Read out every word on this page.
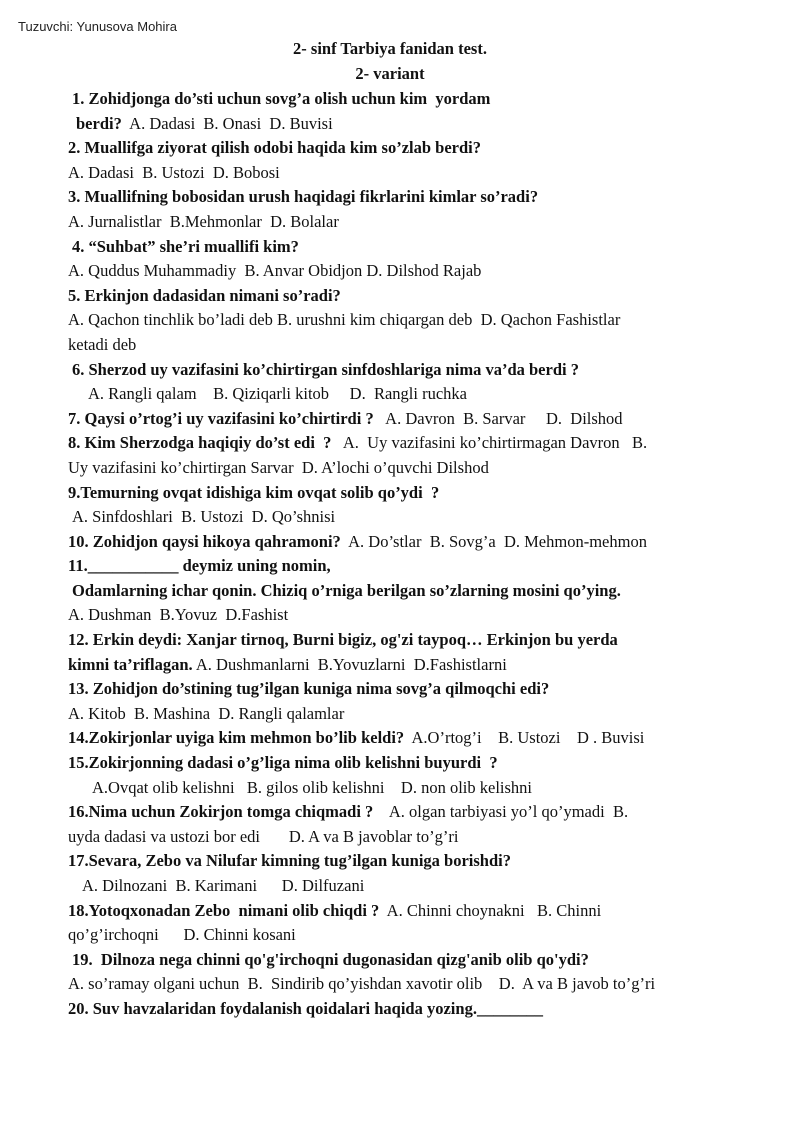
Tuzuvchi: Yunusova Mohira
2- sinf Tarbiya fanidan test.
2- variant
1. Zohidjonga do’sti uchun sovg’a olish uchun kim  yordam
berdi?  A. Dadasi  B. Onasi  D. Buvisi
2. Muallifga ziyorat qilish odobi haqida kim so’zlab berdi?
A. Dadasi  B. Ustozi  D. Bobosi
3. Muallifning bobosidan urush haqidagi fikrlarini kimlar so’radi?
A. Jurnalistlar  B.Mehmonlar  D. Bolalar
4. “Suhbat” she’ri muallifi kim?
A. Quddus Muhammadiy  B. Anvar Obidjon D. Dilshod Rajab
5. Erkinjon dadasidan nimani so’radi?
A. Qachon tinchlik bo’ladi deb B. urushni kim chiqargan deb  D. Qachon Fashistlar
ketadi deb
6. Sherzod uy vazifasini ko’chirtirgan sinfdoshlariga nima va’da berdi ?
A. Rangli qalam    B. Qiziqarli kitob     D.  Rangli ruchka
7. Qaysi o’rtog’i uy vazifasini ko’chirtirdi ?   A. Davron  B. Sarvar     D.  Dilshod
8. Kim Sherzodga haqiqiy do’st edi  ?   A.  Uy vazifasini ko’chirtirmagan Davron   B.
Uy vazifasini ko’chirtirgan Sarvar  D. A’lochi o’quvchi Dilshod
9.Temurning ovqat idishiga kim ovqat solib qo’ydi  ?
A. Sinfdoshlari  B. Ustozi  D. Qo’shnisi
10. Zohidjon qaysi hikoya qahramoni?  A. Do’stlar  B. Sovg’a  D. Mehmon-mehmon
11.___________ deymiz uning nomin,
Odamlarning ichar qonin. Chiziq o’rniga berilgan so’zlarning mosini qo’ying.
A. Dushman  B.Yovuz  D.Fashist
12. Erkin deydi: Xanjar tirnoq, Burni bigiz, og'zi taypoq… Erkinjon bu yerda
kimni ta’riflagan. A. Dushmanlarni  B.Yovuzlarni  D.Fashistlarni
13. Zohidjon do’stining tug’ilgan kuniga nima sovg’a qilmoqchi edi?
A. Kitob  B. Mashina  D. Rangli qalamlar
14.Zokirjonlar uyiga kim mehmon bo’lib keldi?  A.O’rtog’i    B. Ustozi    D . Buvisi
15.Zokirjonning dadasi o’g’liga nima olib kelishni buyurdi  ?
A.Ovqat olib kelishni   B. gilos olib kelishni    D. non olib kelishni
16.Nima uchun Zokirjon tomga chiqmadi ?    A. olgan tarbiyasi yo’l qo’ymadi  B.
uyda dadasi va ustozi bor edi       D. A va B javoblar to’g’ri
17.Sevara, Zebo va Nilufar kimning tug’ilgan kuniga borishdi?
A. Dilnozani  B. Karimani      D. Dilfuzani
18.Yotoqxonadan Zebo  nimani olib chiqdi ?  A. Chinni choynakni   B. Chinni
qo’g’irchoqni      D. Chinni kosani
19.  Dilnoza nega chinni qo'g'irchoqni dugonasidan qizg'anib olib qo'ydi?
A. so’ramay olgani uchun  B.  Sindirib qo’yishdan xavotir olib    D.  A va B javob to’g’ri
20. Suv havzalaridan foydalanish qoidalari haqida yozing.________
